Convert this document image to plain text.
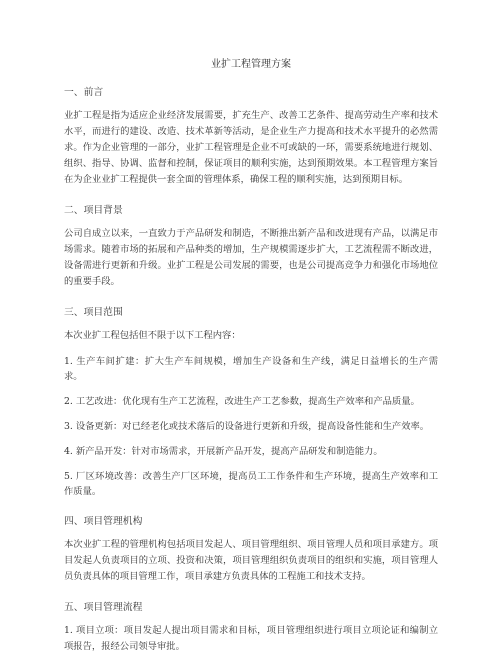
业扩工程管理方案
一、前言
业扩工程是指为适应企业经济发展需要，扩充生产、改善工艺条件、提高劳动生产率和技术水平，而进行的建设、改造、技术革新等活动，是企业生产力提高和技术水平提升的必然需求。作为企业管理的一部分，业扩工程管理是企业不可或缺的一环，需要系统地进行规划、组织、指导、协调、监督和控制，保证项目的顺利实施，达到预期效果。本工程管理方案旨在为企业业扩工程提供一套全面的管理体系，确保工程的顺利实施，达到预期目标。
二、项目背景
公司自成立以来，一直致力于产品研发和制造，不断推出新产品和改进现有产品，以满足市场需求。随着市场的拓展和产品种类的增加，生产规模需逐步扩大，工艺流程需不断改进，设备需进行更新和升级。业扩工程是公司发展的需要，也是公司提高竞争力和强化市场地位的重要手段。
三、项目范围
本次业扩工程包括但不限于以下工程内容：
1. 生产车间扩建：扩大生产车间规模，增加生产设备和生产线，满足日益增长的生产需求。
2. 工艺改进：优化现有生产工艺流程，改进生产工艺参数，提高生产效率和产品质量。
3. 设备更新：对已经老化或技术落后的设备进行更新和升级，提高设备性能和生产效率。
4. 新产品开发：针对市场需求，开展新产品开发，提高产品研发和制造能力。
5. 厂区环境改善：改善生产厂区环境，提高员工工作条件和生产环境，提高生产效率和工作质量。
四、项目管理机构
本次业扩工程的管理机构包括项目发起人、项目管理组织、项目管理人员和项目承建方。项目发起人负责项目的立项、投资和决策，项目管理组织负责项目的组织和实施，项目管理人员负责具体的项目管理工作，项目承建方负责具体的工程施工和技术支持。
五、项目管理流程
1. 项目立项：项目发起人提出项目需求和目标，项目管理组织进行项目立项论证和编制立项报告，报经公司领导审批。
